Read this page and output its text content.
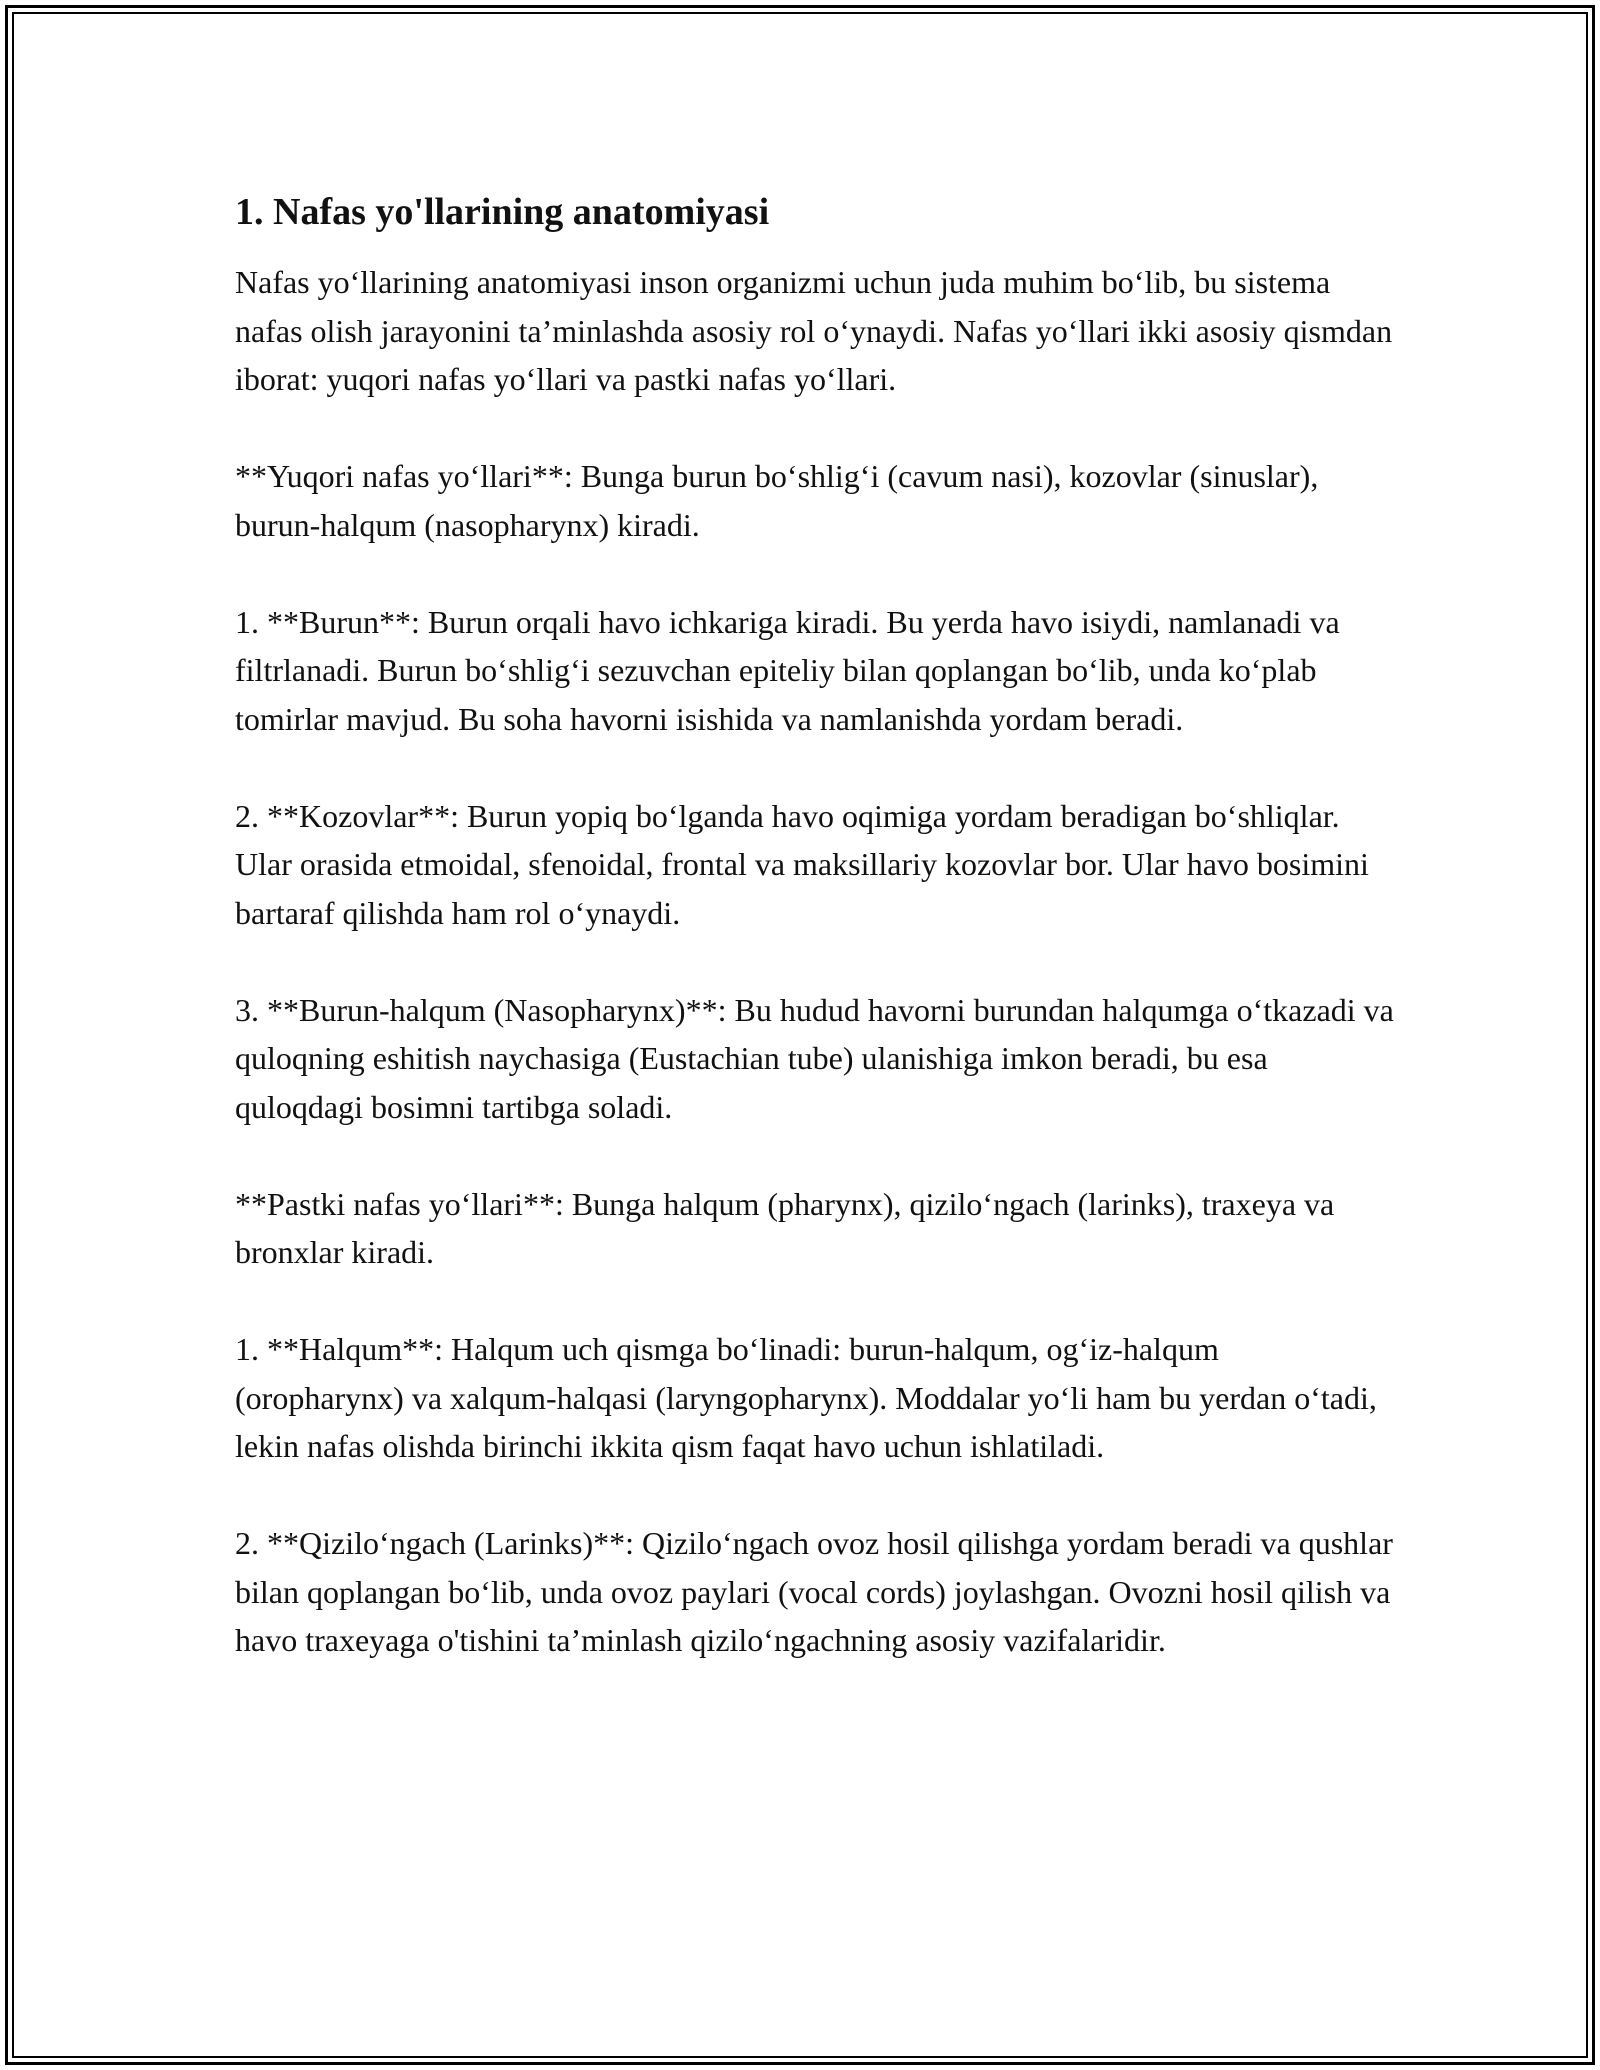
1. Nafas yo'llarining anatomiyasi

Nafas yo‘llarining anatomiyasi inson organizmi uchun juda muhim bo‘lib, bu sistema nafas olish jarayonini ta’minlashda asosiy rol o‘ynaydi. Nafas yo‘llari ikki asosiy qismdan iborat: yuqori nafas yo‘llari va pastki nafas yo‘llari.

**Yuqori nafas yo‘llari**: Bunga burun bo‘shlig‘i (cavum nasi), kozovlar (sinuslar), burun-halqum (nasopharynx) kiradi.

1. **Burun**: Burun orqali havo ichkariga kiradi. Bu yerda havo isiydi, namlanadi va filtrlanadi. Burun bo‘shlig‘i sezuvchan epiteliy bilan qoplangan bo‘lib, unda ko‘plab tomirlar mavjud. Bu soha havorni isishida va namlanishda yordam beradi.

2. **Kozovlar**: Burun yopiq bo‘lganda havo oqimiga yordam beradigan bo‘shliqlar. Ular orasida etmoidal, sfenoidal, frontal va maksillariy kozovlar bor. Ular havo bosimini bartaraf qilishda ham rol o‘ynaydi.

3. **Burun-halqum (Nasopharynx)**: Bu hudud havorni burundan halqumga o‘tkazadi va quloqning eshitish naychasiga (Eustachian tube) ulanishiga imkon beradi, bu esa quloqdagi bosimni tartibga soladi.

**Pastki nafas yo‘llari**: Bunga halqum (pharynx), qizilo‘ngach (larinks), traxeya va bronxlar kiradi.

1. **Halqum**: Halqum uch qismga bo‘linadi: burun-halqum, og‘iz-halqum (oropharynx) va xalqum-halqasi (laryngopharynx). Moddalar yo‘li ham bu yerdan o‘tadi, lekin nafas olishda birinchi ikkita qism faqat havo uchun ishlatiladi.

2. **Qizilo‘ngach (Larinks)**: Qizilo‘ngach ovoz hosil qilishga yordam beradi va qushlar bilan qoplangan bo‘lib, unda ovoz paylari (vocal cords) joylashgan. Ovozni hosil qilish va havo traxeyaga o'tishini ta’minlash qizilo‘ngachning asosiy vazifalaridir.
